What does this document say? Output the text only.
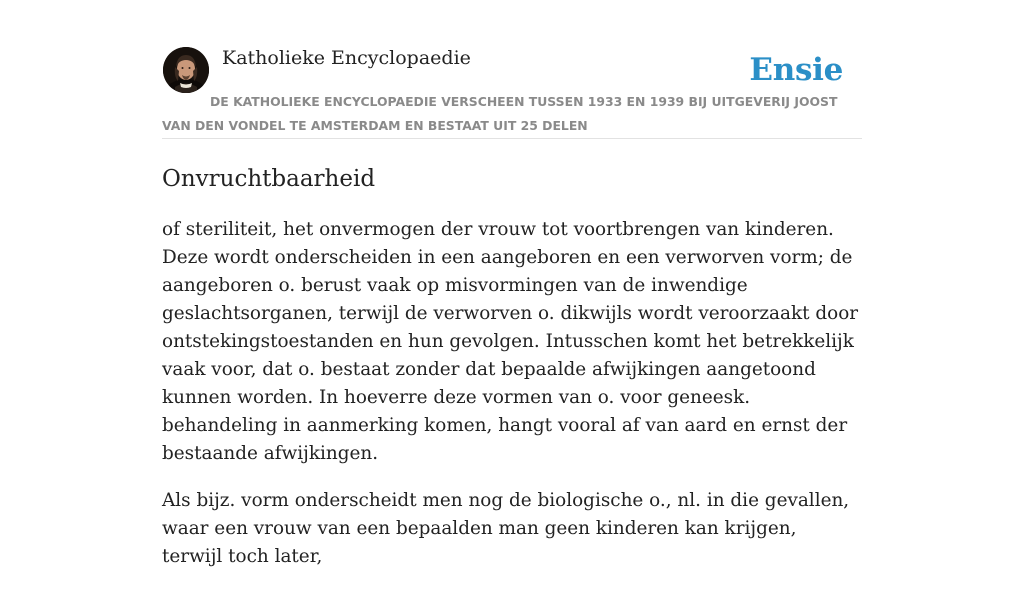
Katholieke Encyclopaedie	Ensie
DE KATHOLIEKE ENCYCLOPAEDIE VERSCHEEN TUSSEN 1933 EN 1939 BIJ UITGEVERIJ JOOST VAN DEN VONDEL TE AMSTERDAM EN BESTAAT UIT 25 DELEN
Onvruchtbaarheid

of steriliteit, het onvermogen der vrouw tot voortbrengen van kinderen. Deze wordt onderscheiden in een aangeboren en een verworven vorm; de aangeboren o. berust vaak op misvormingen van de inwendige geslachtsorganen, terwijl de verworven o. dikwijls wordt veroorzaakt door ontstekingstoestanden en hun gevolgen. Intusschen komt het betrekkelijk vaak voor, dat o. bestaat zonder dat bepaalde afwijkingen aangetoond kunnen worden. In hoeverre deze vormen van o. voor geneesk. behandeling in aanmerking komen, hangt vooral af van aard en ernst der bestaande afwijkingen.

Als bijz. vorm onderscheidt men nog de biologische o., nl. in die gevallen, waar een vrouw van een bepaalden man geen kinderen kan krijgen, terwijl toch later,
